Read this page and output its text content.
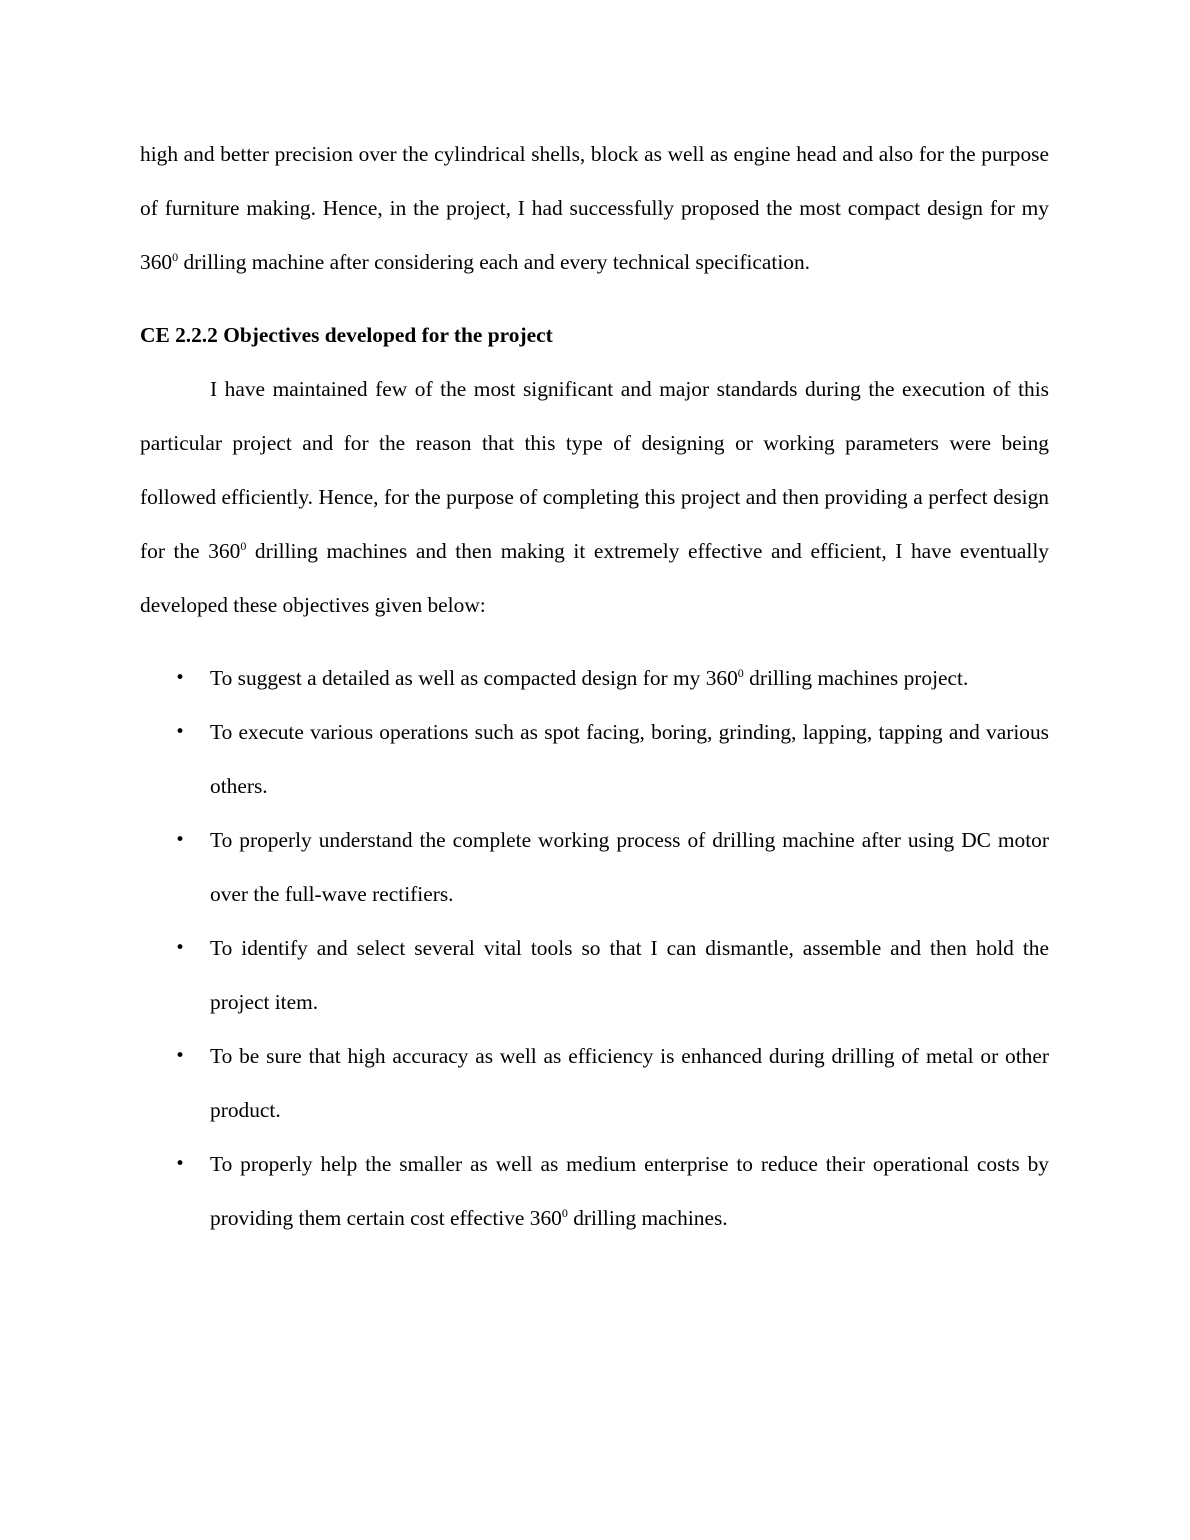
high and better precision over the cylindrical shells, block as well as engine head and also for the purpose of furniture making. Hence, in the project, I had successfully proposed the most compact design for my $360^0$ drilling machine after considering each and every technical specification.

CE 2.2.2 Objectives developed for the project

I have maintained few of the most significant and major standards during the execution of this particular project and for the reason that this type of designing or working parameters were being followed efficiently. Hence, for the purpose of completing this project and then providing a perfect design for the $360^0$ drilling machines and then making it extremely effective and efficient, I have eventually developed these objectives given below:

• To suggest a detailed as well as compacted design for my $360^0$ drilling machines project.
• To execute various operations such as spot facing, boring, grinding, lapping, tapping and various others.
• To properly understand the complete working process of drilling machine after using DC motor over the full-wave rectifiers.
• To identify and select several vital tools so that I can dismantle, assemble and then hold the project item.
• To be sure that high accuracy as well as efficiency is enhanced during drilling of metal or other product.
• To properly help the smaller as well as medium enterprise to reduce their operational costs by providing them certain cost effective $360^0$ drilling machines.
